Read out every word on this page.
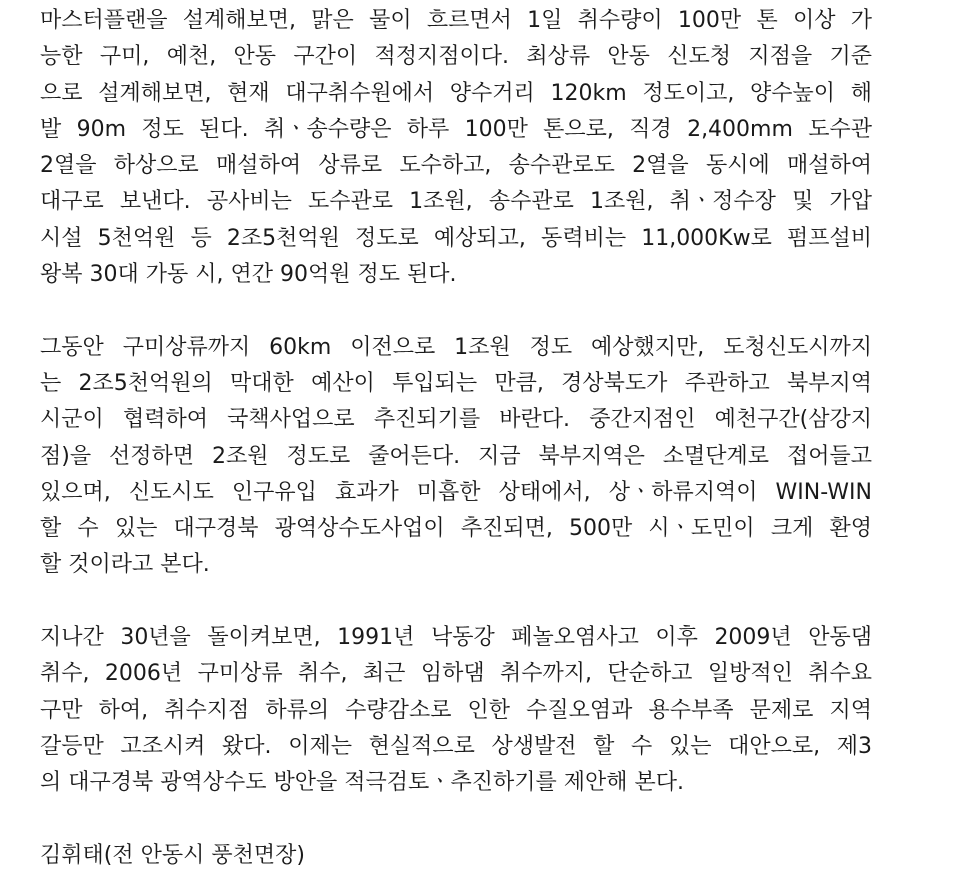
마스터플랜을 설계해보면, 맑은 물이 흐르면서 1일 취수량이 100만 톤 이상 가
능한 구미, 예천, 안동 구간이 적정지점이다. 최상류 안동 신도청 지점을 기준
으로 설계해보면, 현재 대구취수원에서 양수거리 120km 정도이고, 양수높이 해
발 90m 정도 된다. 취ㆍ송수량은 하루 100만 톤으로, 직경 2,400mm 도수관
2열을 하상으로 매설하여 상류로 도수하고, 송수관로도 2열을 동시에 매설하여
대구로 보낸다. 공사비는 도수관로 1조원, 송수관로 1조원, 취ㆍ정수장 및 가압
시설 5천억원 등 2조5천억원 정도로 예상되고, 동력비는 11,000Kw로 펌프설비
왕복 30대 가동 시, 연간 90억원 정도 된다.
그동안 구미상류까지 60km 이전으로 1조원 정도 예상했지만, 도청신도시까지
는 2조5천억원의 막대한 예산이 투입되는 만큼, 경상북도가 주관하고 북부지역
시군이 협력하여 국책사업으로 추진되기를 바란다. 중간지점인 예천구간(삼강지
점)을 선정하면 2조원 정도로 줄어든다. 지금 북부지역은 소멸단계로 접어들고
있으며, 신도시도 인구유입 효과가 미흡한 상태에서, 상ㆍ하류지역이 WIN-WIN
할 수 있는 대구경북 광역상수도사업이 추진되면, 500만 시ㆍ도민이 크게 환영
할 것이라고 본다.
지나간 30년을 돌이켜보면, 1991년 낙동강 페놀오염사고 이후 2009년 안동댐
취수, 2006년 구미상류 취수, 최근 임하댐 취수까지, 단순하고 일방적인 취수요
구만 하여, 취수지점 하류의 수량감소로 인한 수질오염과 용수부족 문제로 지역
갈등만 고조시켜 왔다. 이제는 현실적으로 상생발전 할 수 있는 대안으로, 제3
의 대구경북 광역상수도 방안을 적극검토ㆍ추진하기를 제안해 본다.
김휘태(전 안동시 풍천면장)
